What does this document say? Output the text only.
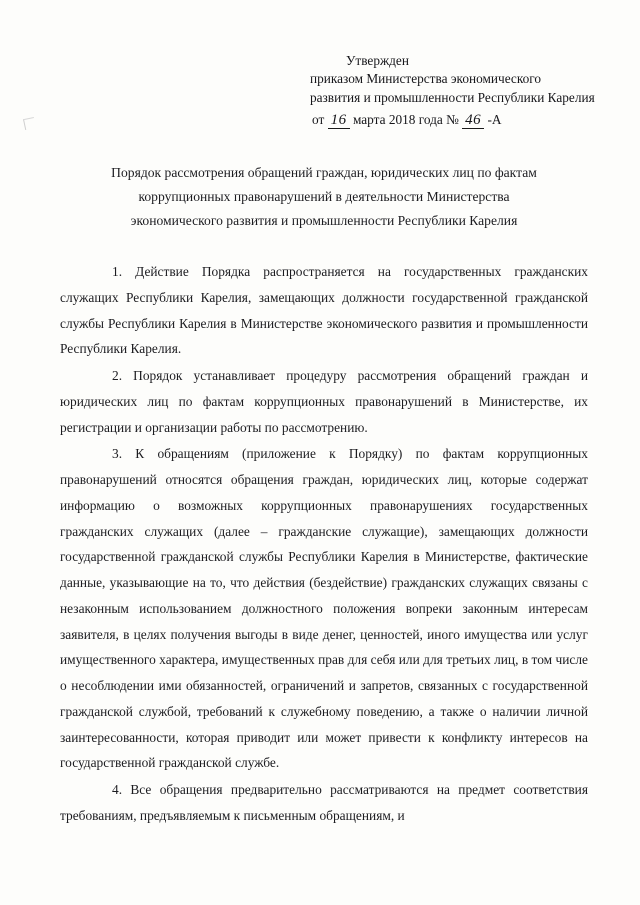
Утвержден
приказом Министерства экономического
развития и промышленности Республики Карелия
от 16 марта 2018 года № 46 -А
Порядок рассмотрения обращений граждан, юридических лиц по фактам
коррупционных правонарушений в деятельности Министерства
экономического развития и промышленности Республики Карелия

1. Действие Порядка распространяется на государственных гражданских служащих Республики Карелия, замещающих должности государственной гражданской службы Республики Карелия в Министерстве экономического развития и промышленности Республики Карелия.

2. Порядок устанавливает процедуру рассмотрения обращений граждан и юридических лиц по фактам коррупционных правонарушений в Министерстве, их регистрации и организации работы по рассмотрению.

3. К обращениям (приложение к Порядку) по фактам коррупционных правонарушений относятся обращения граждан, юридических лиц, которые содержат информацию о возможных коррупционных правонарушениях государственных гражданских служащих (далее – гражданские служащие), замещающих должности государственной гражданской службы Республики Карелия в Министерстве, фактические данные, указывающие на то, что действия (бездействие) гражданских служащих связаны с незаконным использованием должностного положения вопреки законным интересам заявителя, в целях получения выгоды в виде денег, ценностей, иного имущества или услуг имущественного характера, имущественных прав для себя или для третьих лиц, в том числе о несоблюдении ими обязанностей, ограничений и запретов, связанных с государственной гражданской службой, требований к служебному поведению, а также о наличии личной заинтересованности, которая приводит или может привести к конфликту интересов на государственной гражданской службе.

4. Все обращения предварительно рассматриваются на предмет соответствия требованиям, предъявляемым к письменным обращениям, и
